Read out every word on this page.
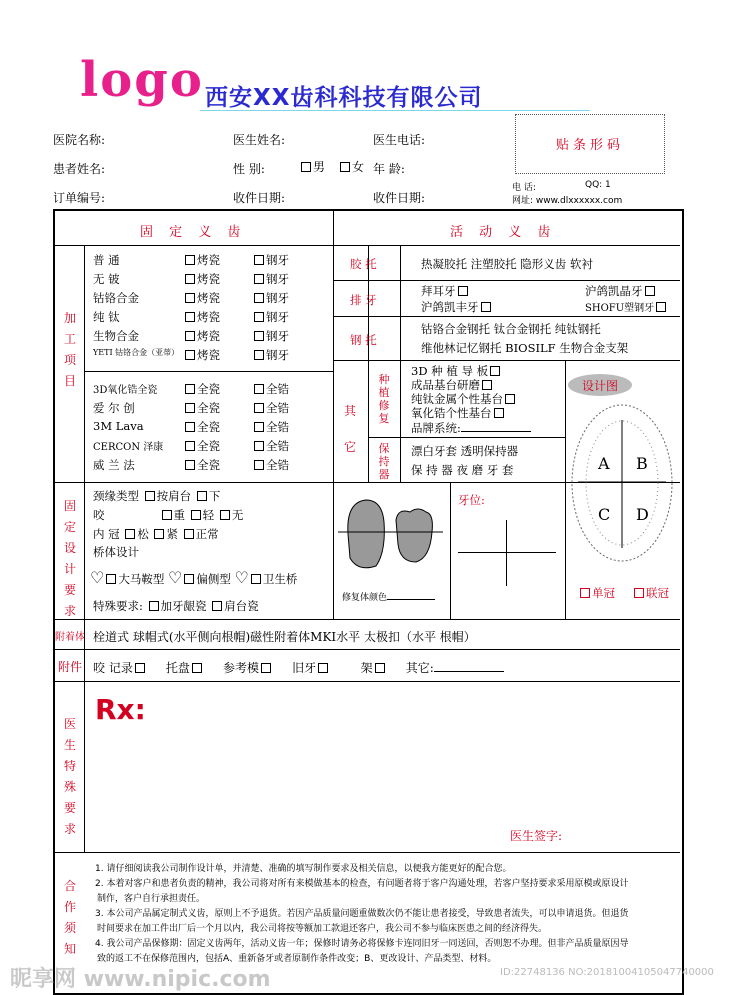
logo 西安XX齿科科技有限公司
贴条形码
医院名称:	医生姓名:	医生电话:
患者姓名:	性 别:	男	女 年 龄:
订单编号:	收件日期:	收件日期:
电 话:	QQ: 1
网址: www.dlxxxxxx.com
固 定 义 齿	活 动 义 齿
加工项目
固定设计要求
附着体
附件
医生特殊要求
合作须知
其它
种植修复
保持器
普 通	烤瓷	钢牙
无 铍	烤瓷	钢牙
钴铬合金	烤瓷	钢牙
纯 钛	烤瓷	钢牙
生物合金	烤瓷	钢牙
YETI 钴铬合金（亚蒂）	烤瓷	钢牙
3D氧化锆全瓷	全瓷	全锆
爱 尔 创	全瓷	全锆
3M Lava	全瓷	全锆
CERCON 泽康	全瓷	全锆
威 兰 法	全瓷	全锆
胶 托	热凝胶托 注塑胶托 隐形义齿 软衬
排 牙
拜耳牙	沪鸽凯晶牙
沪鸽凯丰牙	SHOFU塑钢牙
钢 托
钴铬合金钢托 钛合金钢托 纯钛钢托
维他林记忆钢托 BIOSILF 生物合金支架
3D 种 植 导 板
成品基台研磨
纯钛金属个性基台
氧化锆个性基台
品牌系统:
漂白牙套 透明保持器
保 持 器 夜 磨 牙 套
设计图
A B
C D
单冠	联冠
颈缘类型 按肩台 下
咬	重 轻 无
内 冠 松 紧 正常
桥体设计
♡ 大马鞍型 ♡ 偏侧型 ♡ 卫生桥
特殊要求: 加牙龈瓷 肩台瓷
修复体颜色
牙位:
栓道式 球帽式(水平侧向根帽)磁性附着体MKI水平 太极扣（水平 根帽）
咬 记录	托盘	参考模	旧牙	架	其它:
Rx:
医生签字:
1. 请仔细阅读我公司制作设计单，并清楚、准确的填写制作要求及相关信息，以便我方能更好的配合您。
2. 本着对客户和患者负责的精神，我公司将对所有来模做基本的检查，有问题者将于客户沟通处理，若客户坚持要求采用原模或原设计
制作，客户自行承担责任。
3. 本公司产品属定制式义齿，原则上不予退货。若因产品质量问题重做数次仍不能让患者接受，导致患者流失，可以申请退货。但退货
时间要求在加工件出厂后一个月以内，我公司将按等额加工款退还客户，我公司不参与临床医患之间的经济得失。
4. 我公司产品保修期：固定义齿两年，活动义齿一年；保修时请务必将保修卡连同旧牙一同送回，否则恕不办理。但非产品质量原因导
致的返工不在保修范围内，包括A、重新备牙或者原制作条件改变；B、更改设计、产品类型、材料。
昵享网 www.nipic.com	ID:22748136 NO:20181004105047740000
